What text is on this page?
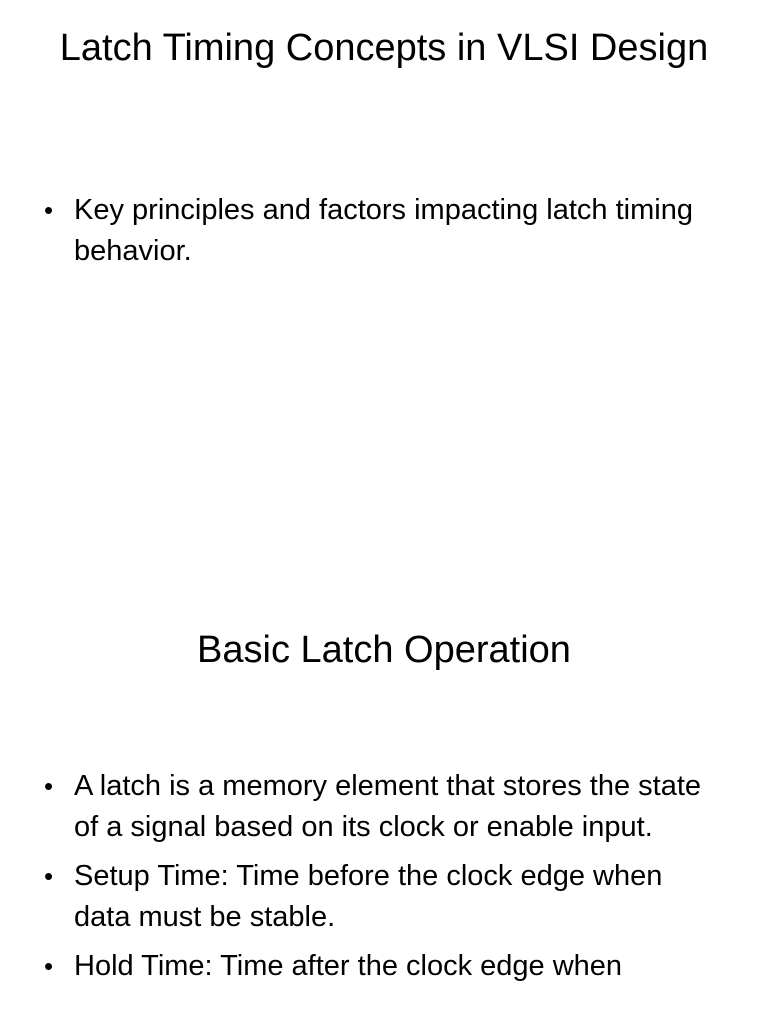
Latch Timing Concepts in VLSI Design
• Key principles and factors impacting latch timing behavior.
Basic Latch Operation
• A latch is a memory element that stores the state of a signal based on its clock or enable input.
• Setup Time: Time before the clock edge when data must be stable.
• Hold Time: Time after the clock edge when
